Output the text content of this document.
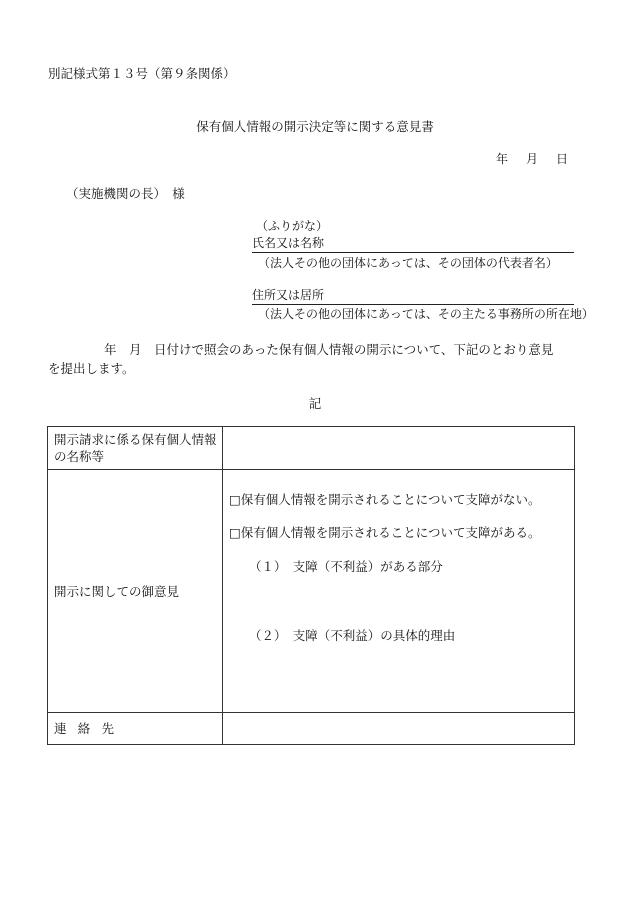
別記様式第１３号（第９条関係）
保有個人情報の開示決定等に関する意見書
年 月 日
（実施機関の長）　様
（ふりがな）
氏名又は名称
（法人その他の団体にあっては、その団体の代表者名）
住所又は居所
（法人その他の団体にあっては、その主たる事務所の所在地）
年　月　日付けで照会のあった保有個人情報の開示について、下記のとおり意見
を提出します。
記
開示請求に係る保有個人情報の名称等	
開示に関しての御意見	□保有個人情報を開示されることについて支障がない。
□保有個人情報を開示されることについて支障がある。
（１）　支障（不利益）がある部分
（２）　支障（不利益）の具体的理由

連絡先	
